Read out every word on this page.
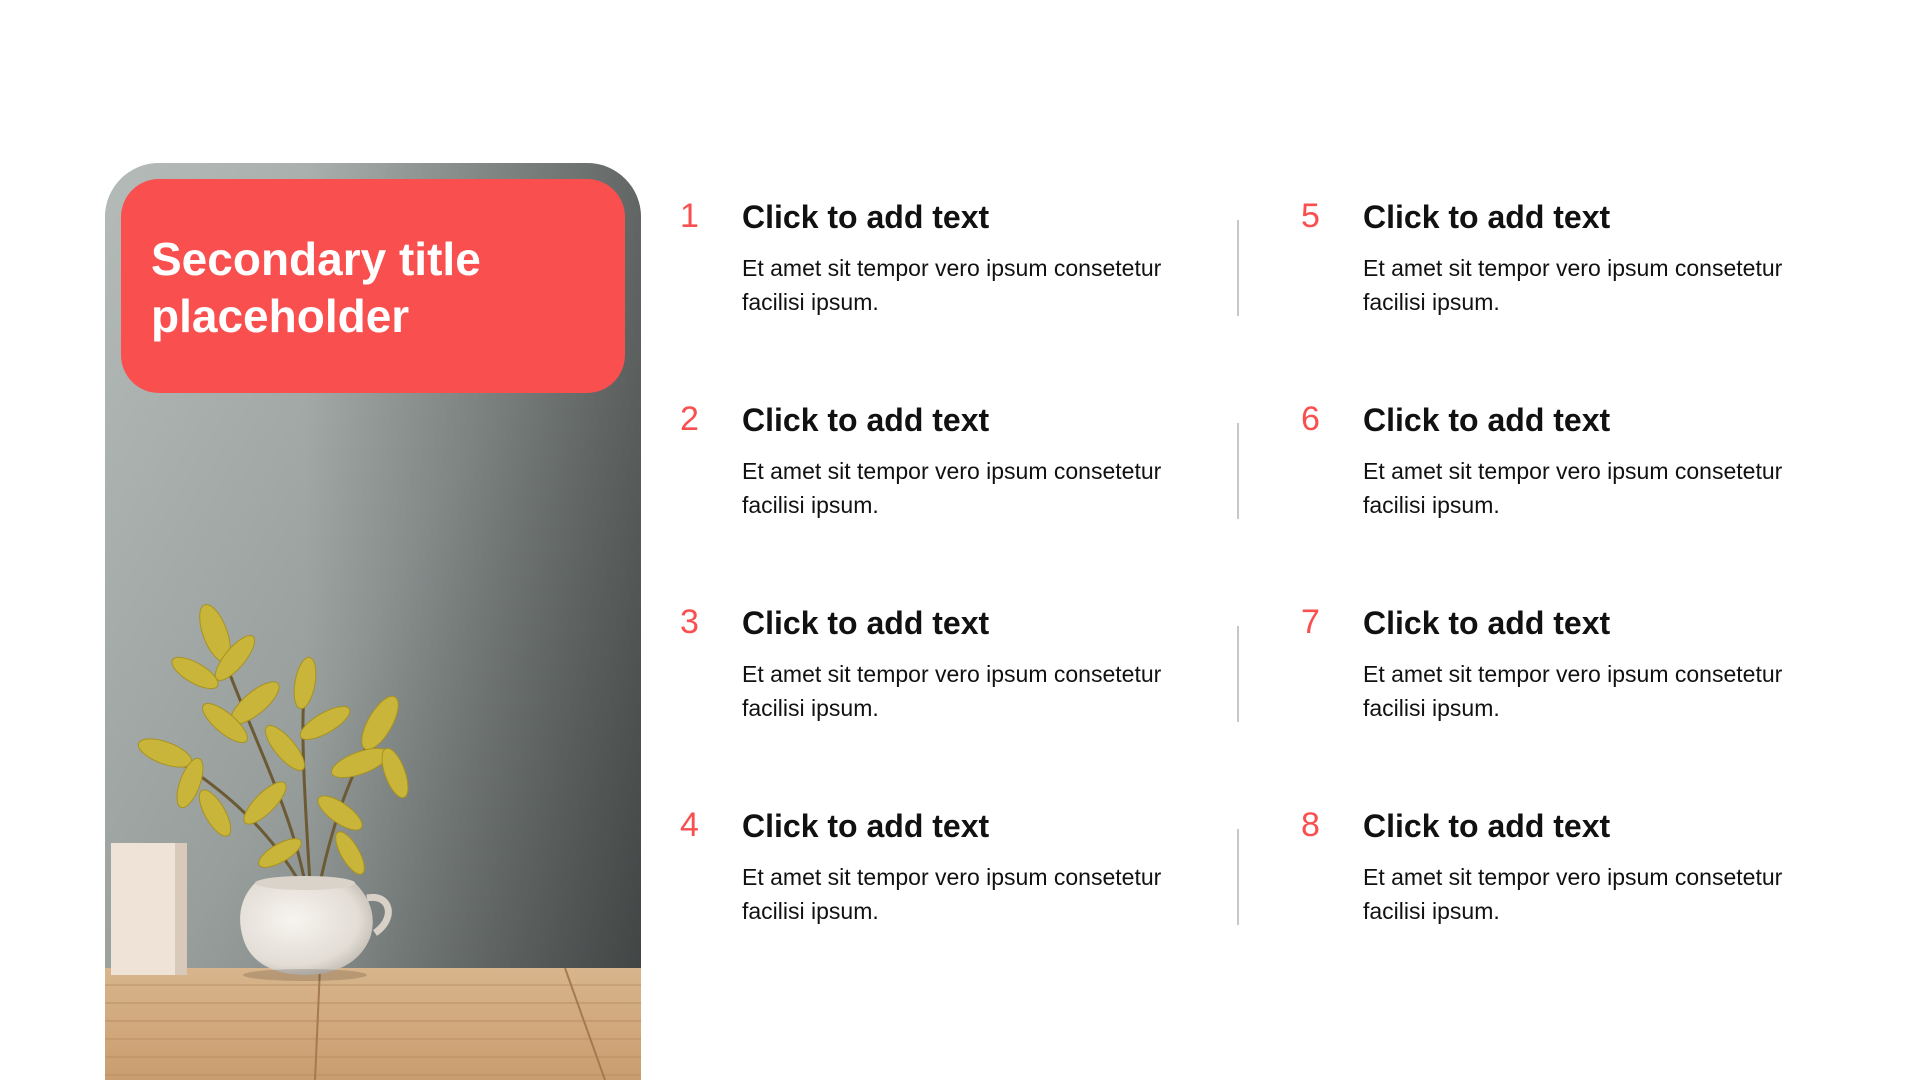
Secondary title placeholder
1 Click to add text
Et amet sit tempor vero ipsum consetetur facilisi ipsum.
2 Click to add text
Et amet sit tempor vero ipsum consetetur facilisi ipsum.
3 Click to add text
Et amet sit tempor vero ipsum consetetur facilisi ipsum.
4 Click to add text
Et amet sit tempor vero ipsum consetetur facilisi ipsum.
5 Click to add text
Et amet sit tempor vero ipsum consetetur facilisi ipsum.
6 Click to add text
Et amet sit tempor vero ipsum consetetur facilisi ipsum.
7 Click to add text
Et amet sit tempor vero ipsum consetetur facilisi ipsum.
8 Click to add text
Et amet sit tempor vero ipsum consetetur facilisi ipsum.
